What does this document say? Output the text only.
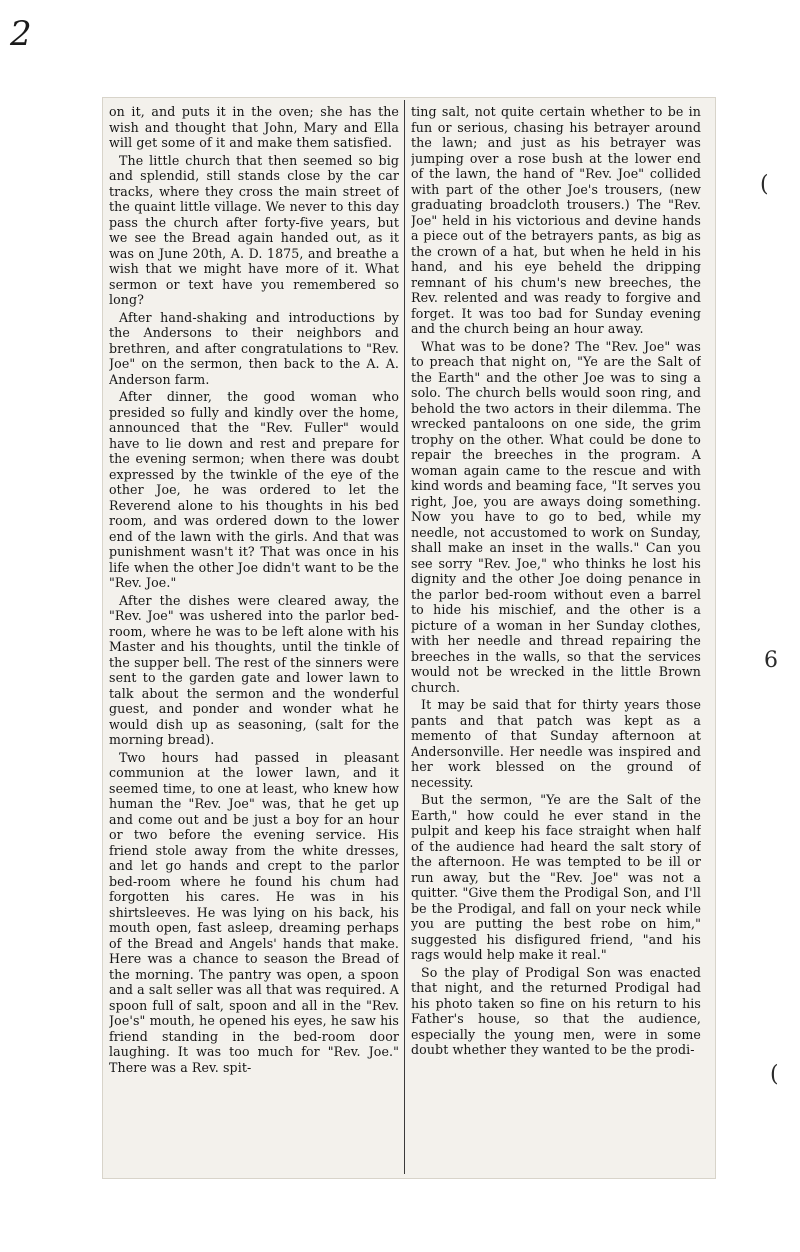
2

on it, and puts it in the oven; she has the wish and thought that John, Mary and Ella will get some of it and make them satisfied.

The little church that then seemed so big and splendid, still stands close by the car tracks, where they cross the main street of the quaint little village. We never to this day pass the church after forty-five years, but we see the Bread again handed out, as it was on June 20th, A. D. 1875, and breathe a wish that we might have more of it. What sermon or text have you remembered so long?

After hand-shaking and introductions by the Andersons to their neighbors and brethren, and after congratulations to "Rev. Joe" on the sermon, then back to the A. A. Anderson farm.

After dinner, the good woman who presided so fully and kindly over the home, announced that the "Rev. Fuller" would have to lie down and rest and prepare for the evening sermon; when there was doubt expressed by the twinkle of the eye of the other Joe, he was ordered to let the Reverend alone to his thoughts in his bed room, and was ordered down to the lower end of the lawn with the girls. And that was punishment wasn't it? That was once in his life when the other Joe didn't want to be the "Rev. Joe."

After the dishes were cleared away, the "Rev. Joe" was ushered into the parlor bed-room, where he was to be left alone with his Master and his thoughts, until the tinkle of the supper bell. The rest of the sinners were sent to the garden gate and lower lawn to talk about the sermon and the wonderful guest, and ponder and wonder what he would dish up as seasoning, (salt for the morning bread).

Two hours had passed in pleasant communion at the lower lawn, and it seemed time, to one at least, who knew how human the "Rev. Joe" was, that he get up and come out and be just a boy for an hour or two before the evening service. His friend stole away from the white dresses, and let go hands and crept to the parlor bed-room where he found his chum had forgotten his cares. He was in his shirtsleeves. He was lying on his back, his mouth open, fast asleep, dreaming perhaps of the Bread and Angels' hands that make. Here was a chance to season the Bread of the morning. The pantry was open, a spoon and a salt seller was all that was required. A spoon full of salt, spoon and all in the "Rev. Joe's" mouth, he opened his eyes, he saw his friend standing in the bed-room door laughing. It was too much for "Rev. Joe." There was a Rev. spit-

ting salt, not quite certain whether to be in fun or serious, chasing his betrayer around the lawn; and just as his betrayer was jumping over a rose bush at the lower end of the lawn, the hand of "Rev. Joe" collided with part of the other Joe's trousers, (new graduating broadcloth trousers.) The "Rev. Joe" held in his victorious and devine hands a piece out of the betrayers pants, as big as the crown of a hat, but when he held in his hand, and his eye beheld the dripping remnant of his chum's new breeches, the Rev. relented and was ready to forgive and forget. It was too bad for Sunday evening and the church being an hour away.

What was to be done? The "Rev. Joe" was to preach that night on, "Ye are the Salt of the Earth" and the other Joe was to sing a solo. The church bells would soon ring, and behold the two actors in their dilemma. The wrecked pantaloons on one side, the grim trophy on the other. What could be done to repair the breeches in the program. A woman again came to the rescue and with kind words and beaming face, "It serves you right, Joe, you are aways doing something. Now you have to go to bed, while my needle, not accustomed to work on Sunday, shall make an inset in the walls." Can you see sorry "Rev. Joe," who thinks he lost his dignity and the other Joe doing penance in the parlor bed-room without even a barrel to hide his mischief, and the other is a picture of a woman in her Sunday clothes, with her needle and thread repairing the breeches in the walls, so that the services would not be wrecked in the little Brown church.

It may be said that for thirty years those pants and that patch was kept as a memento of that Sunday afternoon at Andersonville. Her needle was inspired and her work blessed on the ground of necessity.

But the sermon, "Ye are the Salt of the Earth," how could he ever stand in the pulpit and keep his face straight when half of the audience had heard the salt story of the afternoon. He was tempted to be ill or run away, but the "Rev. Joe" was not a quitter. "Give them the Prodigal Son, and I'll be the Prodigal, and fall on your neck while you are putting the best robe on him," suggested his disfigured friend, "and his rags would help make it real."

So the play of Prodigal Son was enacted that night, and the returned Prodigal had his photo taken so fine on his return to his Father's house, so that the audience, especially the young men, were in some doubt whether they wanted to be the prodi-

(
6
(
